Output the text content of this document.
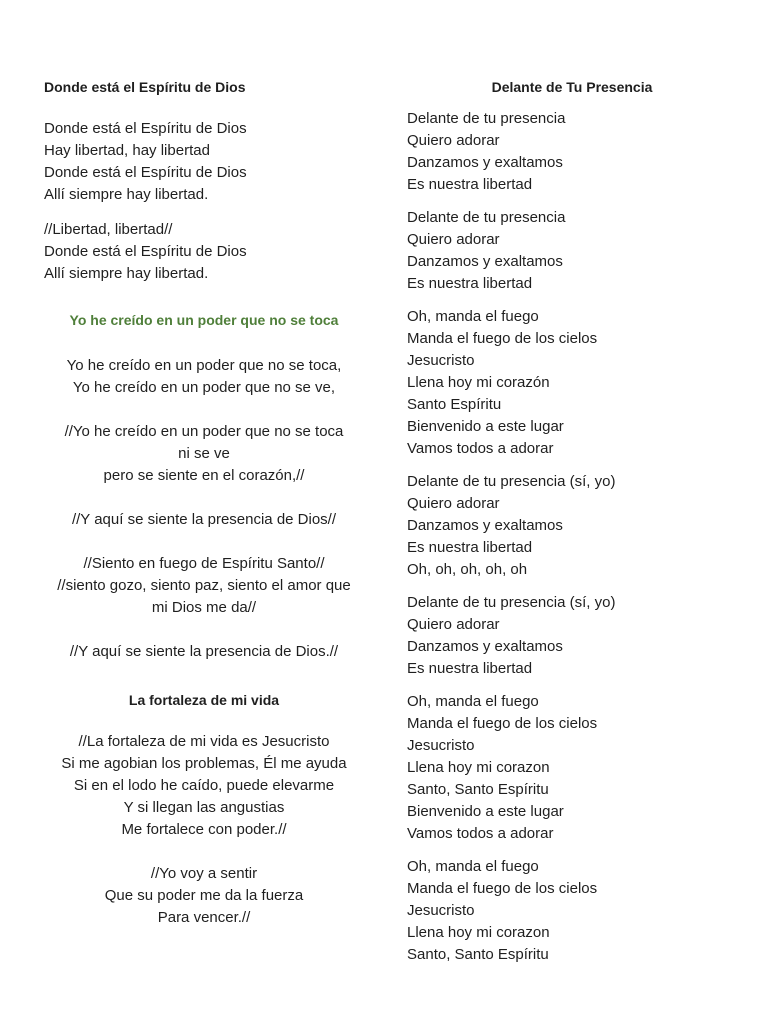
Donde está el Espíritu de Dios

Donde está el Espíritu de Dios
Hay libertad, hay libertad
Donde está el Espíritu de Dios
Allí siempre hay libertad.
//Libertad, libertad//
Donde está el Espíritu de Dios
Allí siempre hay libertad.

Yo he creído en un poder que no se toca

Yo he creído en un poder que no se toca,
Yo he creído en un poder que no se ve,
//Yo he creído en un poder que no se toca
ni se ve
pero se siente en el corazón,//
//Y aquí se siente la presencia de Dios//
//Siento en fuego de Espíritu Santo//
//siento gozo, siento paz, siento el amor que
mi Dios me da//
//Y aquí se siente la presencia de Dios.//

La fortaleza de mi vida

//La fortaleza de mi vida es Jesucristo
Si me agobian los problemas, Él me ayuda
Si en el lodo he caído, puede elevarme
Y si llegan las angustias
Me fortalece con poder.//
//Yo voy a sentir
Que su poder me da la fuerza
Para vencer.//

Delante de Tu Presencia

Delante de tu presencia
Quiero adorar
Danzamos y exaltamos
Es nuestra libertad
Delante de tu presencia
Quiero adorar
Danzamos y exaltamos
Es nuestra libertad
Oh, manda el fuego
Manda el fuego de los cielos
Jesucristo
Llena hoy mi corazón
Santo Espíritu
Bienvenido a este lugar
Vamos todos a adorar
Delante de tu presencia (sí, yo)
Quiero adorar
Danzamos y exaltamos
Es nuestra libertad
Oh, oh, oh, oh, oh
Delante de tu presencia (sí, yo)
Quiero adorar
Danzamos y exaltamos
Es nuestra libertad
Oh, manda el fuego
Manda el fuego de los cielos
Jesucristo
Llena hoy mi corazon
Santo, Santo Espíritu
Bienvenido a este lugar
Vamos todos a adorar
Oh, manda el fuego
Manda el fuego de los cielos
Jesucristo
Llena hoy mi corazon
Santo, Santo Espíritu
